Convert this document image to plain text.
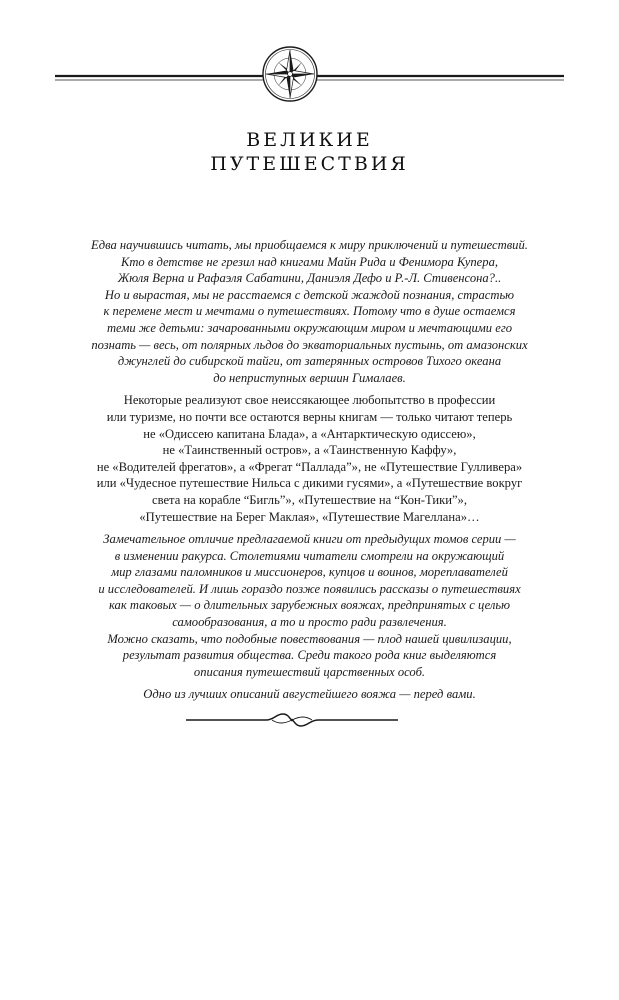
ВЕЛИКИЕ
ПУТЕШЕСТВИЯ
Едва научившись читать, мы приобщаемся к миру приключений и путешествий.
Кто в детстве не грезил над книгами Майн Рида и Фенимора Купера,
Жюля Верна и Рафаэля Сабатини, Даниэля Дефо и Р.-Л. Стивенсона?..
Но и вырастая, мы не расстаемся с детской жаждой познания, страстью
к перемене мест и мечтами о путешествиях. Потому что в душе остаемся
теми же детьми: зачарованными окружающим миром и мечтающими его
познать — весь, от полярных льдов до экваториальных пустынь, от амазонских
джунглей до сибирской тайги, от затерянных островов Тихого океана
до неприступных вершин Гималаев.
Некоторые реализуют свое неиссякающее любопытство в профессии
или туризме, но почти все остаются верны книгам — только читают теперь
не «Одиссею капитана Блада», а «Антарктическую одиссею»,
не «Таинственный остров», а «Таинственную Каффу»,
не «Водителей фрегатов», а «Фрегат “Паллада”», не «Путешествие Гулливера»
или «Чудесное путешествие Нильса с дикими гусями», а «Путешествие вокруг
света на корабле “Бигль”», «Путешествие на “Кон-Тики”»,
«Путешествие на Берег Маклая», «Путешествие Магеллана»…
Замечательное отличие предлагаемой книги от предыдущих томов серии —
в изменении ракурса. Столетиями читатели смотрели на окружающий
мир глазами паломников и миссионеров, купцов и воинов, мореплавателей
и исследователей. И лишь гораздо позже появились рассказы о путешествиях
как таковых — о длительных зарубежных вояжах, предпринятых с целью
самообразования, а то и просто ради развлечения.
Можно сказать, что подобные повествования — плод нашей цивилизации,
результат развития общества. Среди такого рода книг выделяются
описания путешествий царственных особ.
Одно из лучших описаний августейшего вояжа — перед вами.
